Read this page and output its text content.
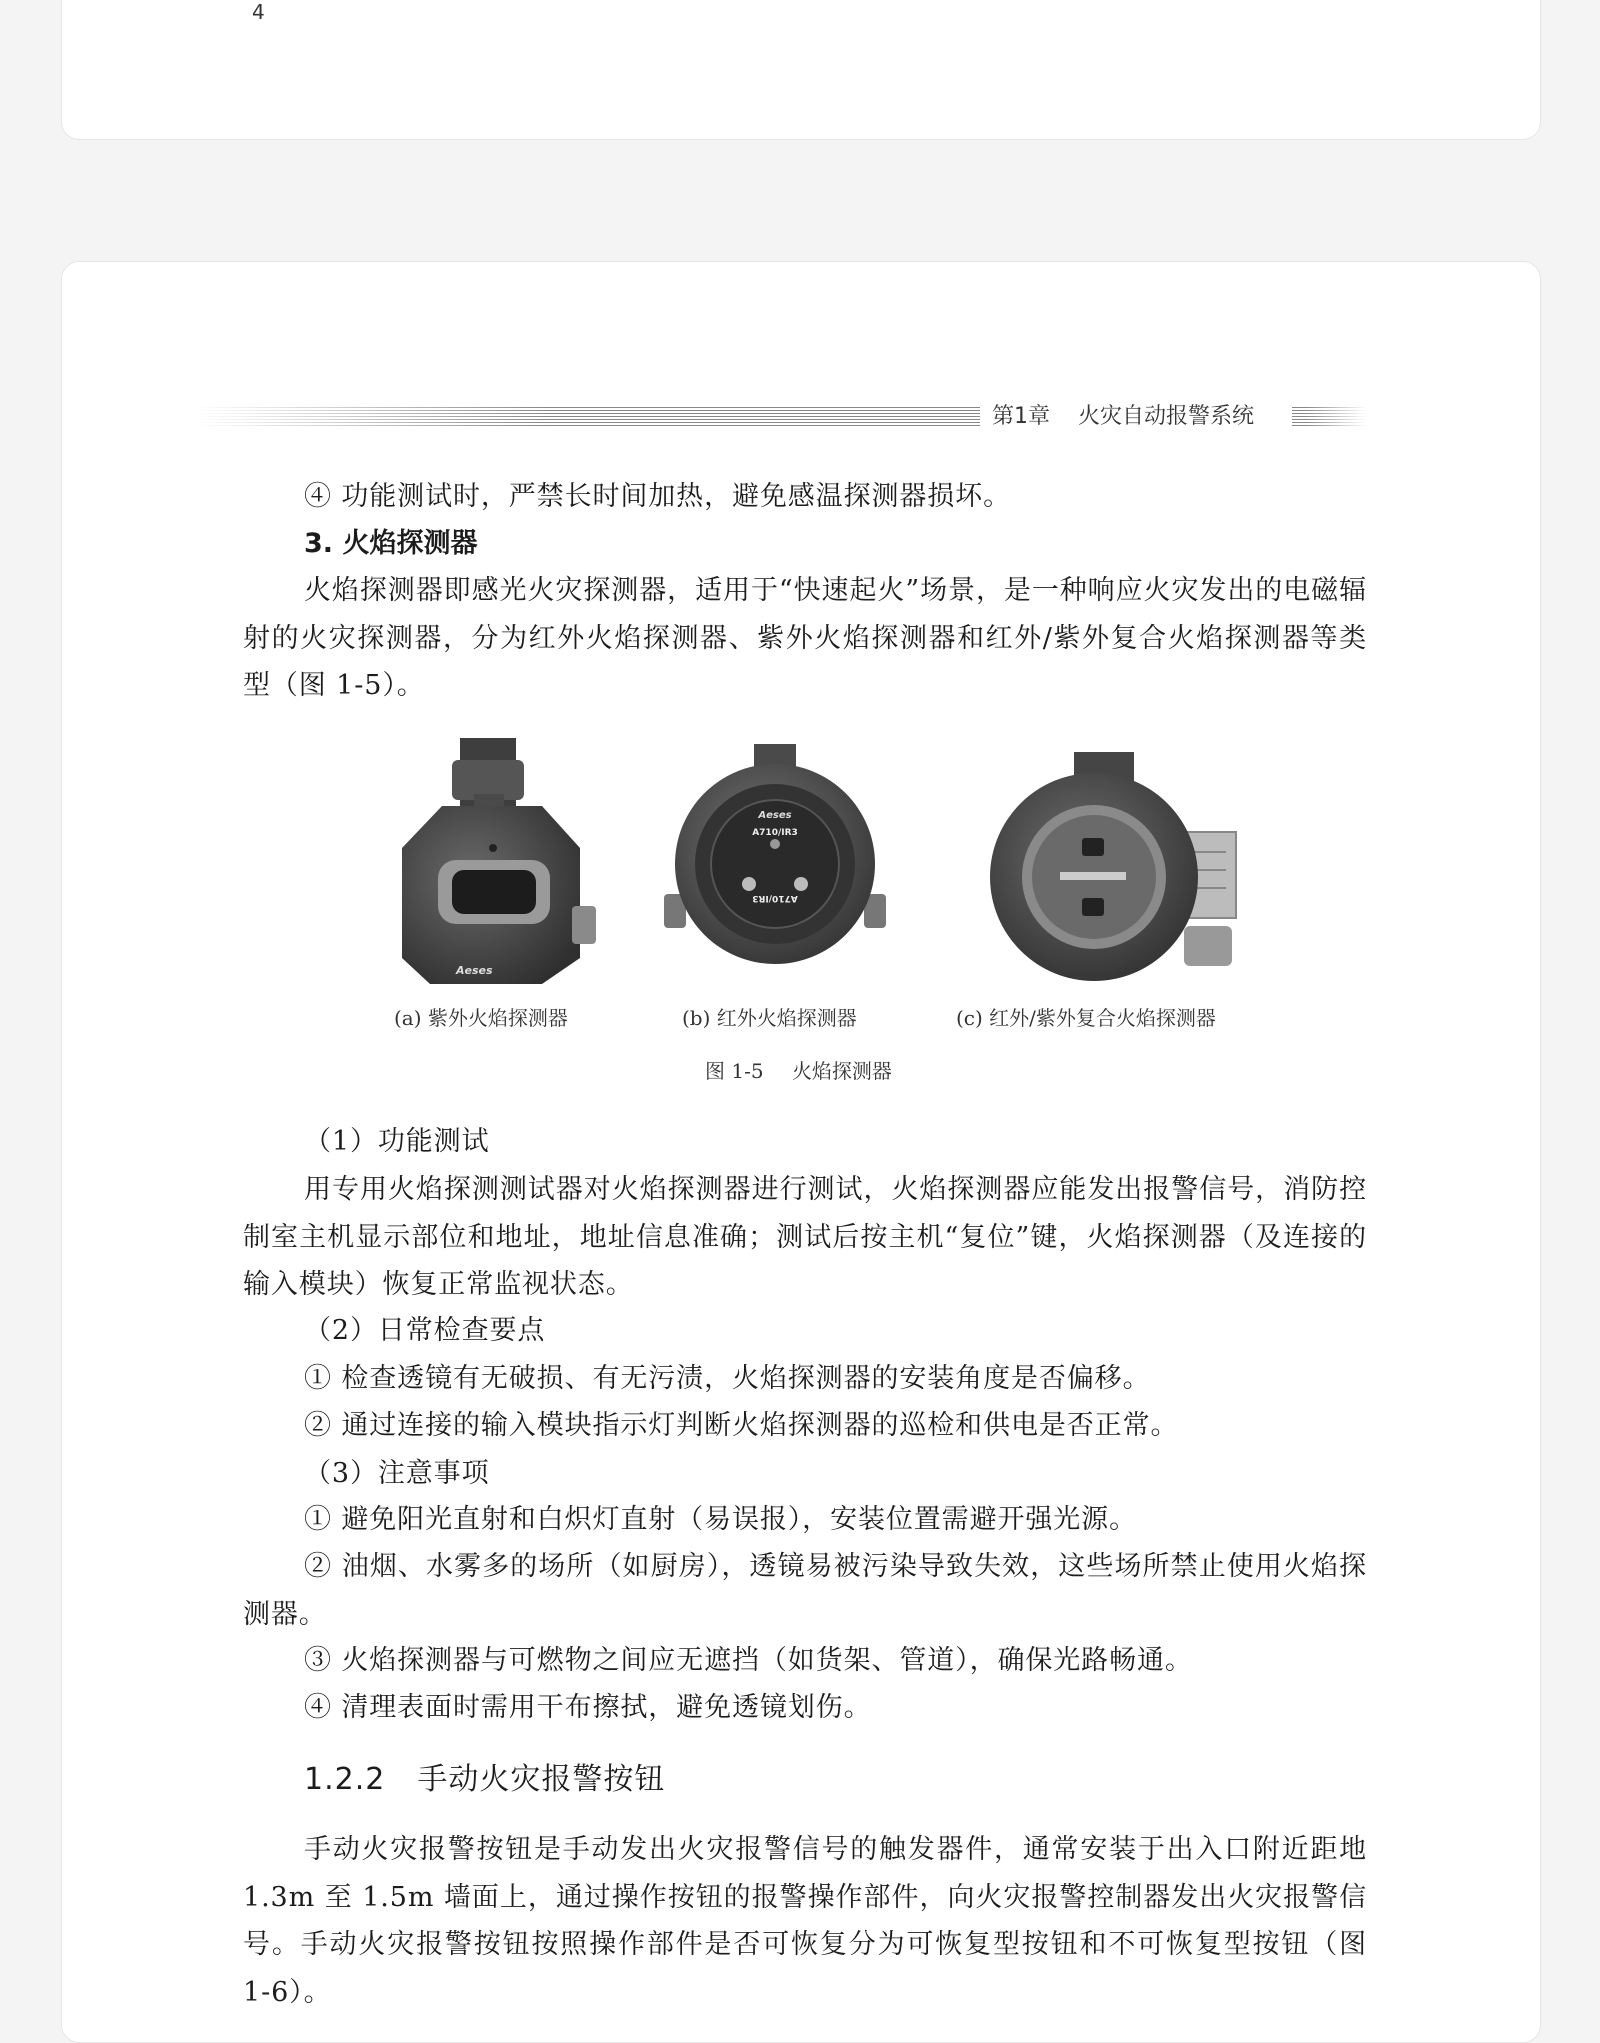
4
第1章 火灾自动报警系统

④ 功能测试时，严禁长时间加热，避免感温探测器损坏。

3. 火焰探测器

火焰探测器即感光火灾探测器，适用于“快速起火”场景，是一种响应火灾发出的电磁辐射的火灾探测器，分为红外火焰探测器、紫外火焰探测器和红外/紫外复合火焰探测器等类型（图 1-5）。

Aeses
Aeses
A710/IR3
A710/IR3
(a) 紫外火焰探测器	(b) 红外火焰探测器	(c) 红外/紫外复合火焰探测器
图 1-5 火焰探测器

（1）功能测试

用专用火焰探测测试器对火焰探测器进行测试，火焰探测器应能发出报警信号，消防控制室主机显示部位和地址，地址信息准确；测试后按主机“复位”键，火焰探测器（及连接的输入模块）恢复正常监视状态。

（2）日常检查要点

① 检查透镜有无破损、有无污渍，火焰探测器的安装角度是否偏移。

② 通过连接的输入模块指示灯判断火焰探测器的巡检和供电是否正常。

（3）注意事项

① 避免阳光直射和白炽灯直射（易误报），安装位置需避开强光源。

② 油烟、水雾多的场所（如厨房），透镜易被污染导致失效，这些场所禁止使用火焰探测器。

③ 火焰探测器与可燃物之间应无遮挡（如货架、管道），确保光路畅通。

④ 清理表面时需用干布擦拭，避免透镜划伤。

1.2.2 手动火灾报警按钮

手动火灾报警按钮是手动发出火灾报警信号的触发器件，通常安装于出入口附近距地 1.3m 至 1.5m 墙面上，通过操作按钮的报警操作部件，向火灾报警控制器发出火灾报警信号。手动火灾报警按钮按照操作部件是否可恢复分为可恢复型按钮和不可恢复型按钮（图 1-6）。
